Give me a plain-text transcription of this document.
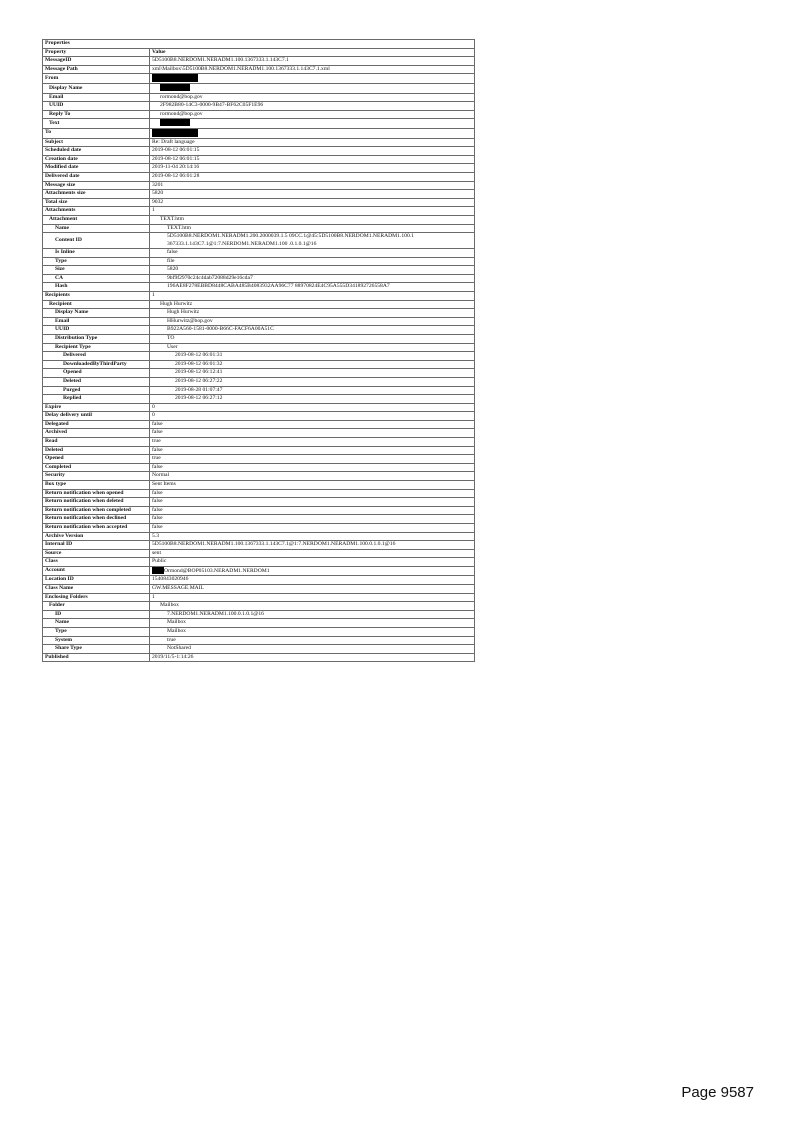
Properties	
Property	Value
MessageID	5D5100B8.NERDOM1.NERADM1.100.1367333.1.143C7.1
Message Path	xml\Mailbox\5D5100B8.NERDOM1.NERADM1.100.1367333.1.143C7.1.xml
From	
Display Name	
Email	rormond@bop.gov
UUID	2F982B80-14C3-0000-9B47-BF62C05F1E96
Reply To	rormond@bop.gov
Text	
To	
Subject	Re: Draft language
Scheduled date	2019-08-12 06:01:15
Creation date	2019-08-12 06:01:15
Modified date	2019-11-04 20:14:16
Delivered date	2019-08-12 06:01:28
Message size	3201
Attachments size	5820
Total size	9032
Attachments	1
Attachment	TEXT.htm
Name	TEXT.htm
Content ID	5D5100B8.NERDOM1.NERADM1.200.2000039.1.5 09CC.1@45:5D5100B8.NERDOM1.NERADM1.100.1 367333.1.143C7.1@1:7.NERDOM1.NERADM1.100 .0.1.0.1@16
Is Inline	false
Type	file
Size	5820
CA	9bf9f2970c24c4dab72088d29e16cda7
Hash	196AE8F278EBBD8448CABA485B4083932AA96C77 88970824E4C95A555D341892726558A7
Recipients	1
Recipient	Hugh Hurwitz
Display Name	Hugh Hurwitz
Email	HHurwitz@bop.gov
UUID	B922A560-1581-0000-B66C-FACF6A00A51C
Distribution Type	TO
Recipient Type	User
Delivered	2019-08-12 06:01:31
DownloadedByThirdParty	2019-08-12 06:01:32
Opened	2019-08-12 06:12:41
Deleted	2019-08-12 06:27:22
Purged	2019-08-28 01:07:47
Replied	2019-08-12 06:27:12
Expire	0
Delay delivery until	0
Delegated	false
Archived	false
Read	true
Deleted	false
Opened	true
Completed	false
Security	Normal
Box type	Sent Items
Return notification when opened	false
Return notification when deleted	false
Return notification when completed	false
Return notification when declined	false
Return notification when accepted	false
Archive Version	5.3
Internal ID	5D5100B8.NERDOM1.NERADM1.100.1367333.1.143C7.1@1:7.NERDOM1.NERADM1.100.0.1.0.1@16
Source	sent
Class	Public
Account	Ormond@BOP05103.NERADM1.NERDOM1
Location ID	1540843020946
Class Name	GW.MESSAGE.MAIL
Enclosing Folders	1
Folder	Mailbox
ID	7.NERDOM1.NERADM1.100.0.1.0.1@16
Name	Mailbox
Type	Mailbox
System	true
Share Type	NotShared
Published	2019/11/5-1:14:26
Page 9587
